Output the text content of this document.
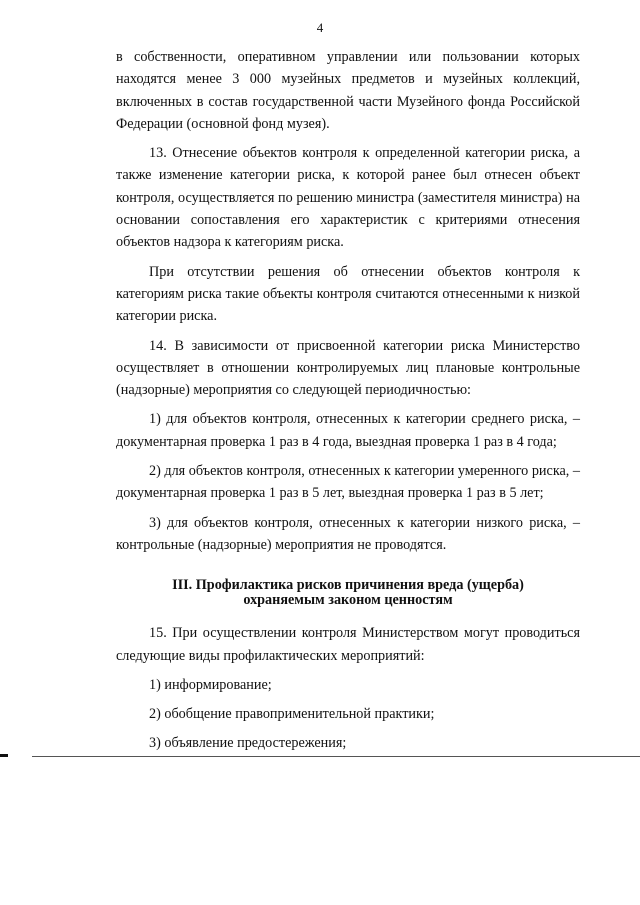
4

в собственности, оперативном управлении или пользовании которых находятся менее 3 000 музейных предметов и музейных коллекций, включенных в состав государственной части Музейного фонда Российской Федерации (основной фонд музея).

13. Отнесение объектов контроля к определенной категории риска, а также изменение категории риска, к которой ранее был отнесен объект контроля, осуществляется по решению министра (заместителя министра) на основании сопоставления его характеристик с критериями отнесения объектов надзора к категориям риска.

При отсутствии решения об отнесении объектов контроля к категориям риска такие объекты контроля считаются отнесенными к низкой категории риска.

14. В зависимости от присвоенной категории риска Министерство осуществляет в отношении контролируемых лиц плановые контрольные (надзорные) мероприятия со следующей периодичностью:

1) для объектов контроля, отнесенных к категории среднего риска, – документарная проверка 1 раз в 4 года, выездная проверка 1 раз в 4 года;

2) для объектов контроля, отнесенных к категории умеренного риска, – документарная проверка 1 раз в 5 лет, выездная проверка 1 раз в 5 лет;

3) для объектов контроля, отнесенных к категории низкого риска, – контрольные (надзорные) мероприятия не проводятся.

III. Профилактика рисков причинения вреда (ущерба)
охраняемым законом ценностям

15. При осуществлении контроля Министерством могут проводиться следующие виды профилактических мероприятий:

1) информирование;

2) обобщение правоприменительной практики;

3) объявление предостережения;
